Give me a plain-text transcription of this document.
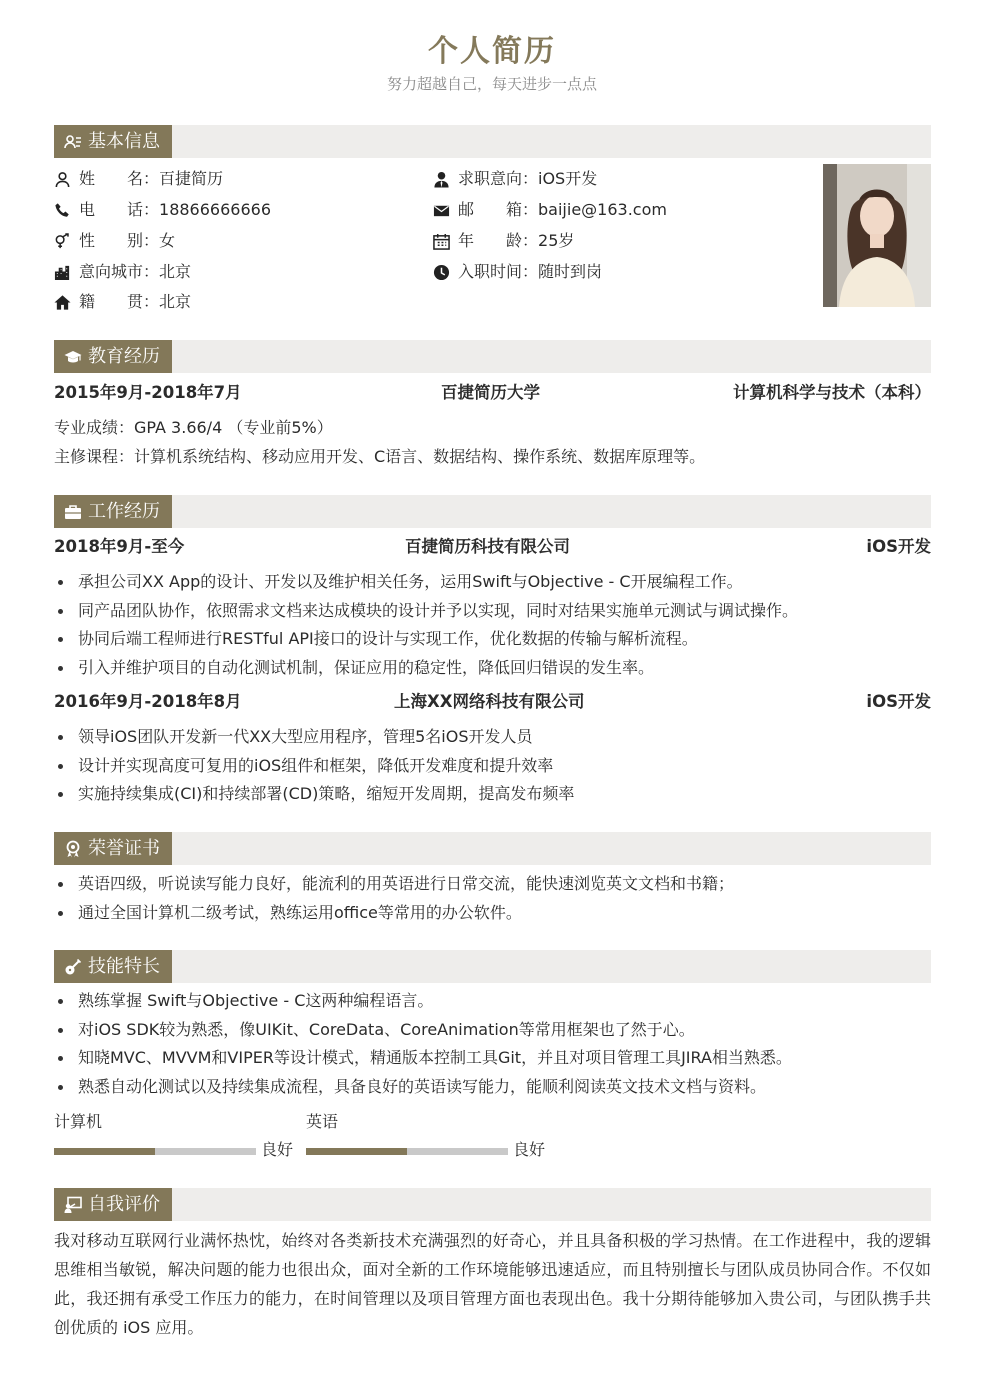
个人简历
努力超越自己，每天进步一点点
基本信息
姓　　名： 百捷简历
电　　话： 18866666666
性　　别： 女
意向城市： 北京
籍　　贯： 北京
求职意向： iOS开发
邮　　箱： baijie@163.com
年　　龄： 25岁
入职时间： 随时到岗
教育经历
2015年9月-2018年7月	百捷简历大学	计算机科学与技术（本科）
专业成绩：GPA 3.66/4 （专业前5%）
主修课程：计算机系统结构、移动应用开发、C语言、数据结构、操作系统、数据库原理等。
工作经历
2018年9月-至今	百捷简历科技有限公司	iOS开发
承担公司XX App的设计、开发以及维护相关任务，运用Swift与Objective - C开展编程工作。
同产品团队协作，依照需求文档来达成模块的设计并予以实现，同时对结果实施单元测试与调试操作。
协同后端工程师进行RESTful API接口的设计与实现工作，优化数据的传输与解析流程。
引入并维护项目的自动化测试机制，保证应用的稳定性，降低回归错误的发生率。
2016年9月-2018年8月	上海XX网络科技有限公司	iOS开发
领导iOS团队开发新一代XX大型应用程序，管理5名iOS开发人员
设计并实现高度可复用的iOS组件和框架，降低开发难度和提升效率
实施持续集成(CI)和持续部署(CD)策略，缩短开发周期，提高发布频率
荣誉证书
英语四级，听说读写能力良好，能流利的用英语进行日常交流，能快速浏览英文文档和书籍；
通过全国计算机二级考试，熟练运用office等常用的办公软件。
技能特长
熟练掌握 Swift与Objective - C这两种编程语言。
对iOS SDK较为熟悉，像UIKit、CoreData、CoreAnimation等常用框架也了然于心。
知晓MVC、MVVM和VIPER等设计模式，精通版本控制工具Git，并且对项目管理工具JIRA相当熟悉。
熟悉自动化测试以及持续集成流程，具备良好的英语读写能力，能顺利阅读英文技术文档与资料。
计算机
良好
英语
良好
自我评价
我对移动互联网行业满怀热忱，始终对各类新技术充满强烈的好奇心，并且具备积极的学习热情。在工作进程中，我的逻辑思维相当敏锐，解决问题的能力也很出众，面对全新的工作环境能够迅速适应，而且特别擅长与团队成员协同合作。不仅如此，我还拥有承受工作压力的能力，在时间管理以及项目管理方面也表现出色。我十分期待能够加入贵公司，与团队携手共创优质的 iOS 应用。
